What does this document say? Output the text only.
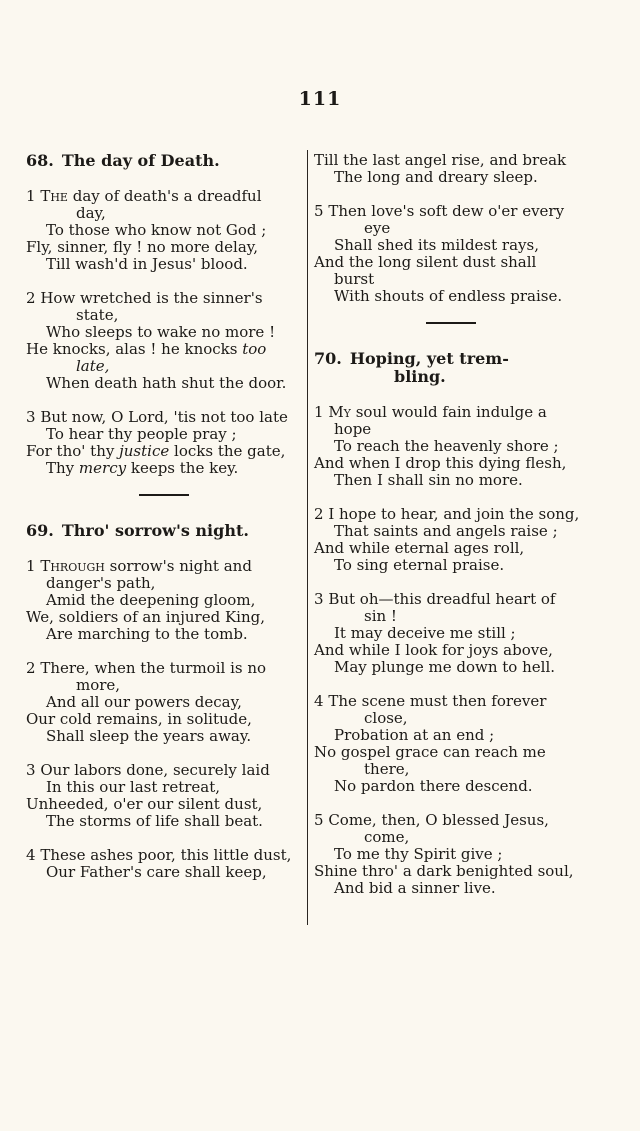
111
68. The day of Death.
1 The day of death's a dreadful
day,
To those who know not God ;
Fly, sinner, fly ! no more delay,
Till wash'd in Jesus' blood.
2 How wretched is the sinner's
state,
Who sleeps to wake no more !
He knocks, alas ! he knocks too
late,
When death hath shut the door.
3 But now, O Lord, 'tis not too late
To hear thy people pray ;
For tho' thy justice locks the gate,
Thy mercy keeps the key.
69. Thro' sorrow's night.
1 Through sorrow's night and
danger's path,
Amid the deepening gloom,
We, soldiers of an injured King,
Are marching to the tomb.
2 There, when the turmoil is no
more,
And all our powers decay,
Our cold remains, in solitude,
Shall sleep the years away.
3 Our labors done, securely laid
In this our last retreat,
Unheeded, o'er our silent dust,
The storms of life shall beat.
4 These ashes poor, this little dust,
Our Father's care shall keep,
Till the last angel rise, and break
The long and dreary sleep.
5 Then love's soft dew o'er every
eye
Shall shed its mildest rays,
And the long silent dust shall
burst
With shouts of endless praise.
70. Hoping, yet trem-
bling.
1 My soul would fain indulge a
hope
To reach the heavenly shore ;
And when I drop this dying flesh,
Then I shall sin no more.
2 I hope to hear, and join the song,
That saints and angels raise ;
And while eternal ages roll,
To sing eternal praise.
3 But oh—this dreadful heart of
sin !
It may deceive me still ;
And while I look for joys above,
May plunge me down to hell.
4 The scene must then forever
close,
Probation at an end ;
No gospel grace can reach me
there,
No pardon there descend.
5 Come, then, O blessed Jesus,
come,
To me thy Spirit give ;
Shine thro' a dark benighted soul,
And bid a sinner live.
